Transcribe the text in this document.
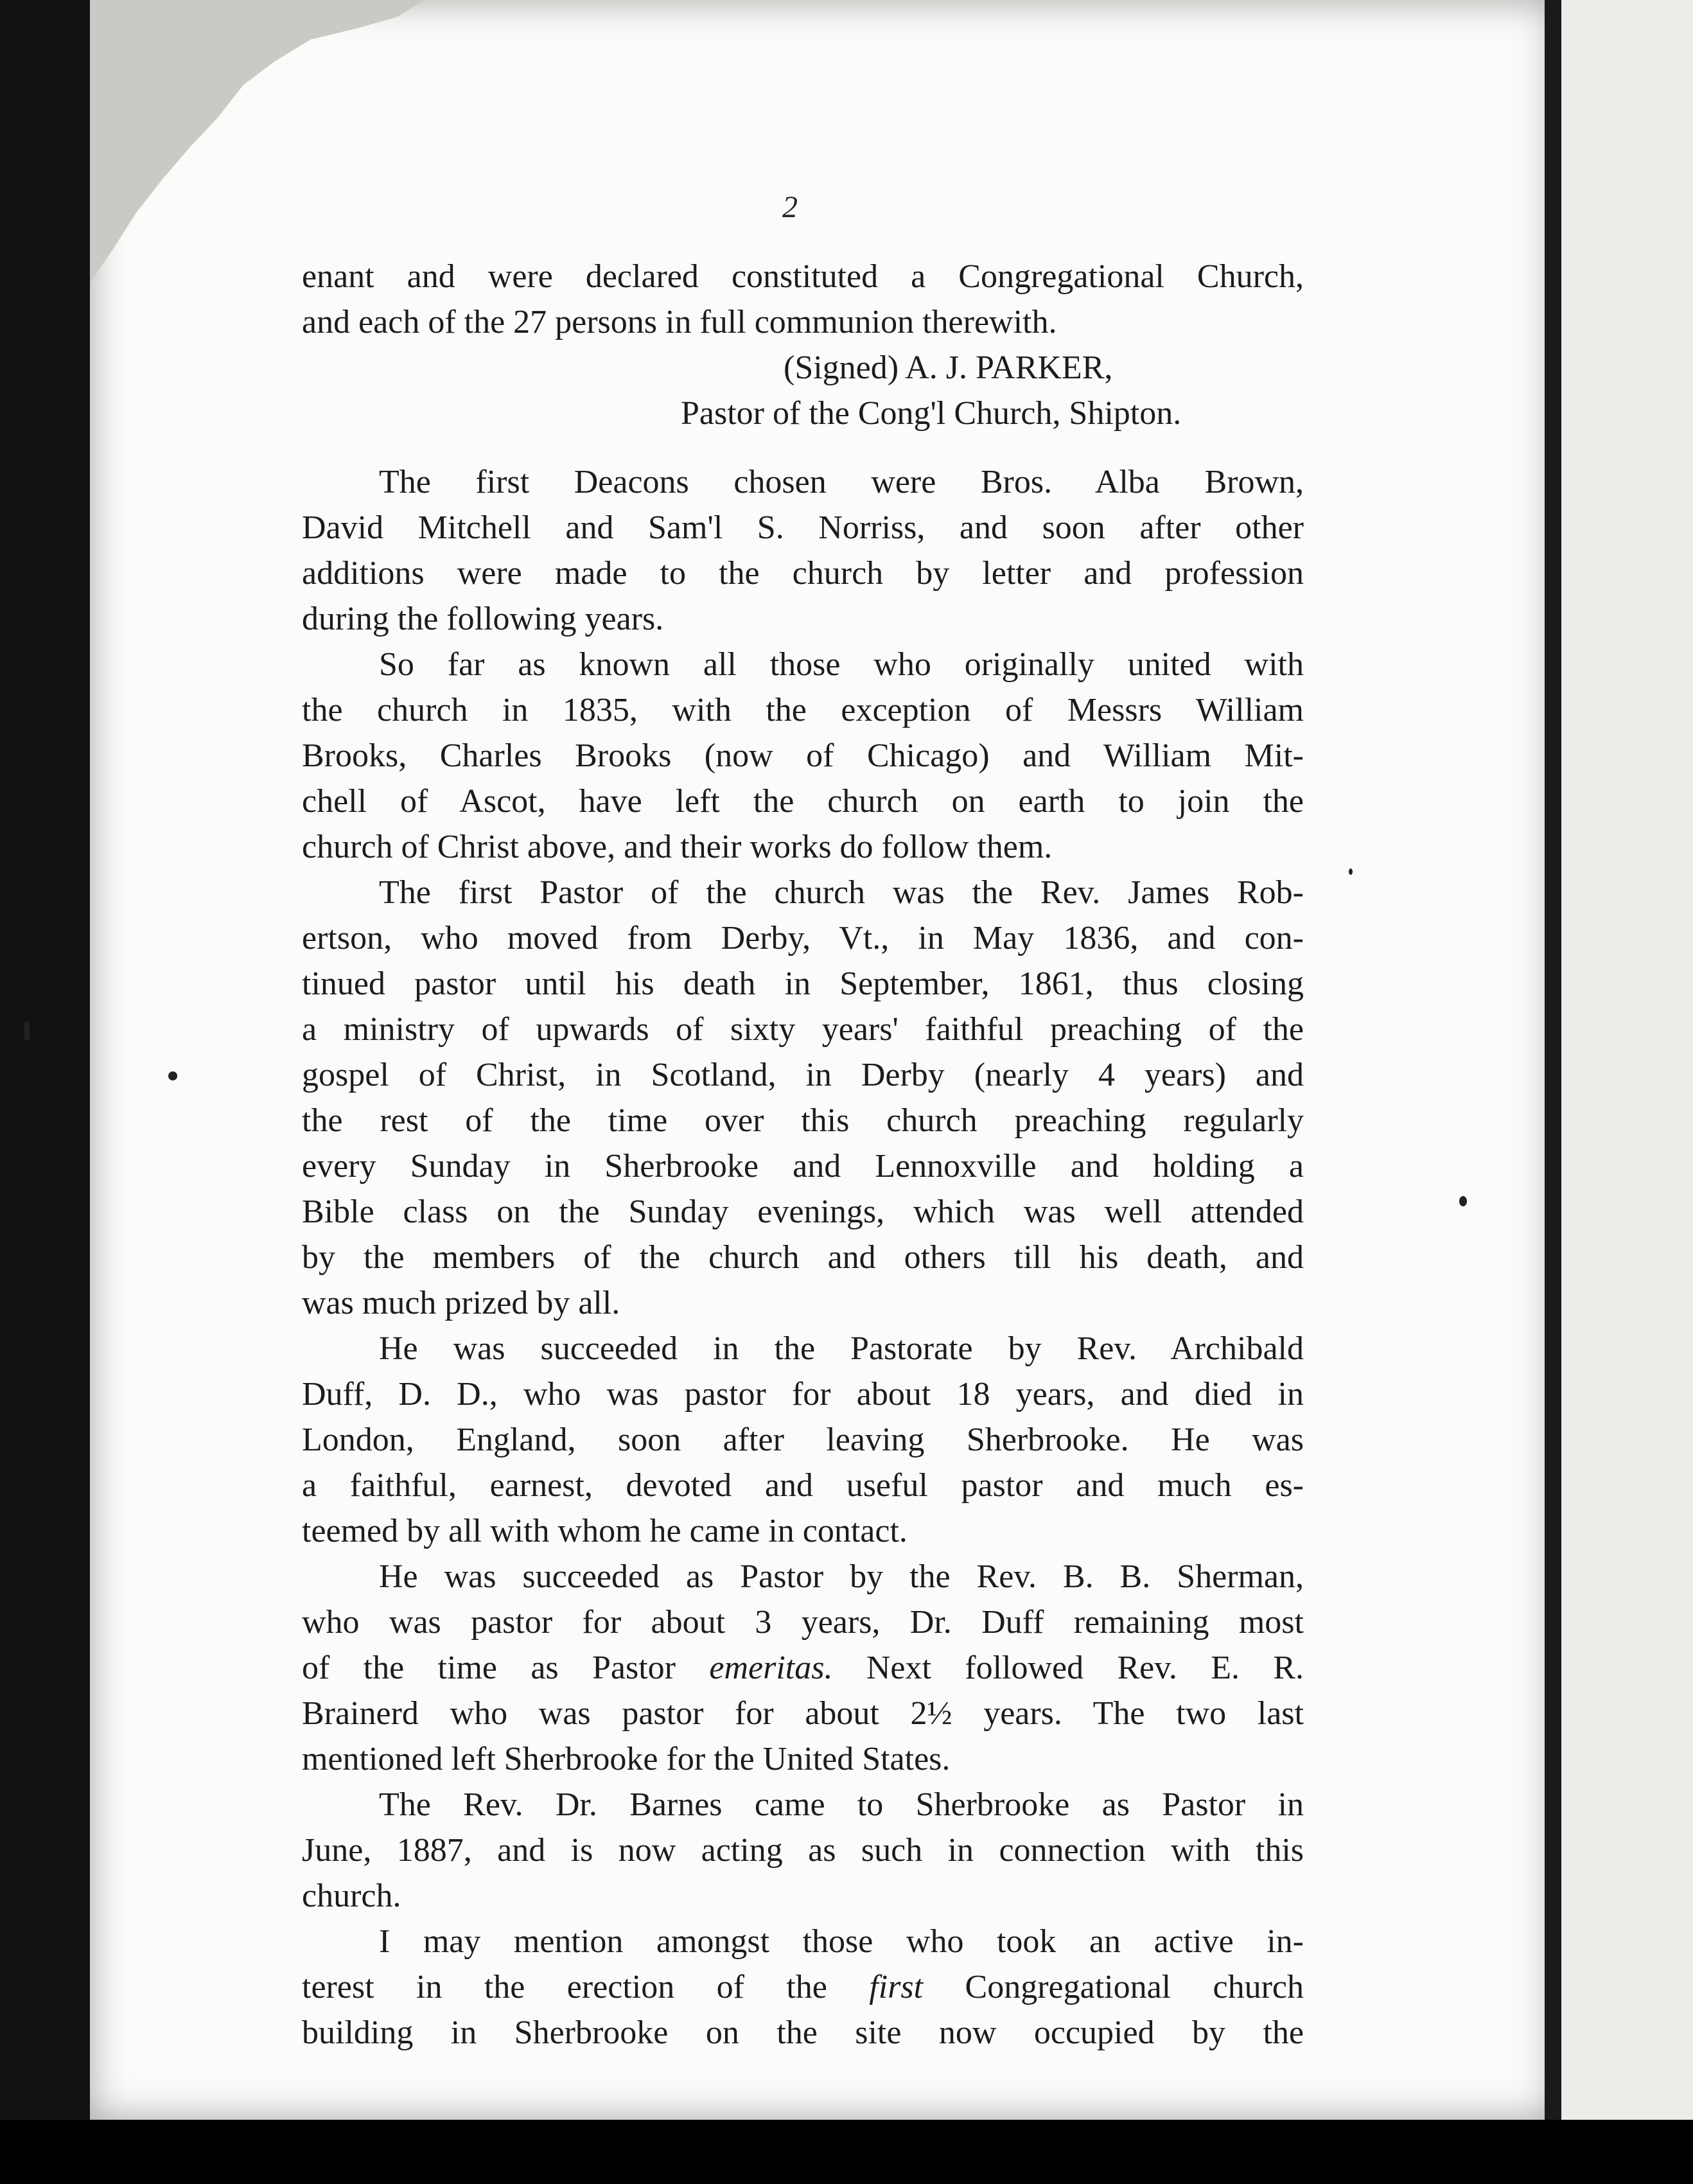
2
enant and were declared constituted a Congregational Church,
and each of the 27 persons in full communion therewith.
(Signed) A. J. PARKER,
Pastor of the Cong'l Church, Shipton.
The first Deacons chosen were Bros. Alba Brown,
David Mitchell and Sam'l S. Norriss, and soon after other
additions were made to the church by letter and profession
during the following years.
So far as known all those who originally united with
the church in 1835, with the exception of Messrs William
Brooks, Charles Brooks (now of Chicago) and William Mit-
chell of Ascot, have left the church on earth to join the
church of Christ above, and their works do follow them.
The first Pastor of the church was the Rev. James Rob-
ertson, who moved from Derby, Vt., in May 1836, and con-
tinued pastor until his death in September, 1861, thus closing
a ministry of upwards of sixty years' faithful preaching of the
gospel of Christ, in Scotland, in Derby (nearly 4 years) and
the rest of the time over this church preaching regularly
every Sunday in Sherbrooke and Lennoxville and holding a
Bible class on the Sunday evenings, which was well attended
by the members of the church and others till his death, and
was much prized by all.
He was succeeded in the Pastorate by Rev. Archibald
Duff, D. D., who was pastor for about 18 years, and died in
London, England, soon after leaving Sherbrooke. He was
a faithful, earnest, devoted and useful pastor and much es-
teemed by all with whom he came in contact.
He was succeeded as Pastor by the Rev. B. B. Sherman,
who was pastor for about 3 years, Dr. Duff remaining most
of the time as Pastor emeritas. Next followed Rev. E. R.
Brainerd who was pastor for about 2½ years. The two last
mentioned left Sherbrooke for the United States.
The Rev. Dr. Barnes came to Sherbrooke as Pastor in
June, 1887, and is now acting as such in connection with this
church.
I may mention amongst those who took an active in-
terest in the erection of the first Congregational church
building in Sherbrooke on the site now occupied by the
